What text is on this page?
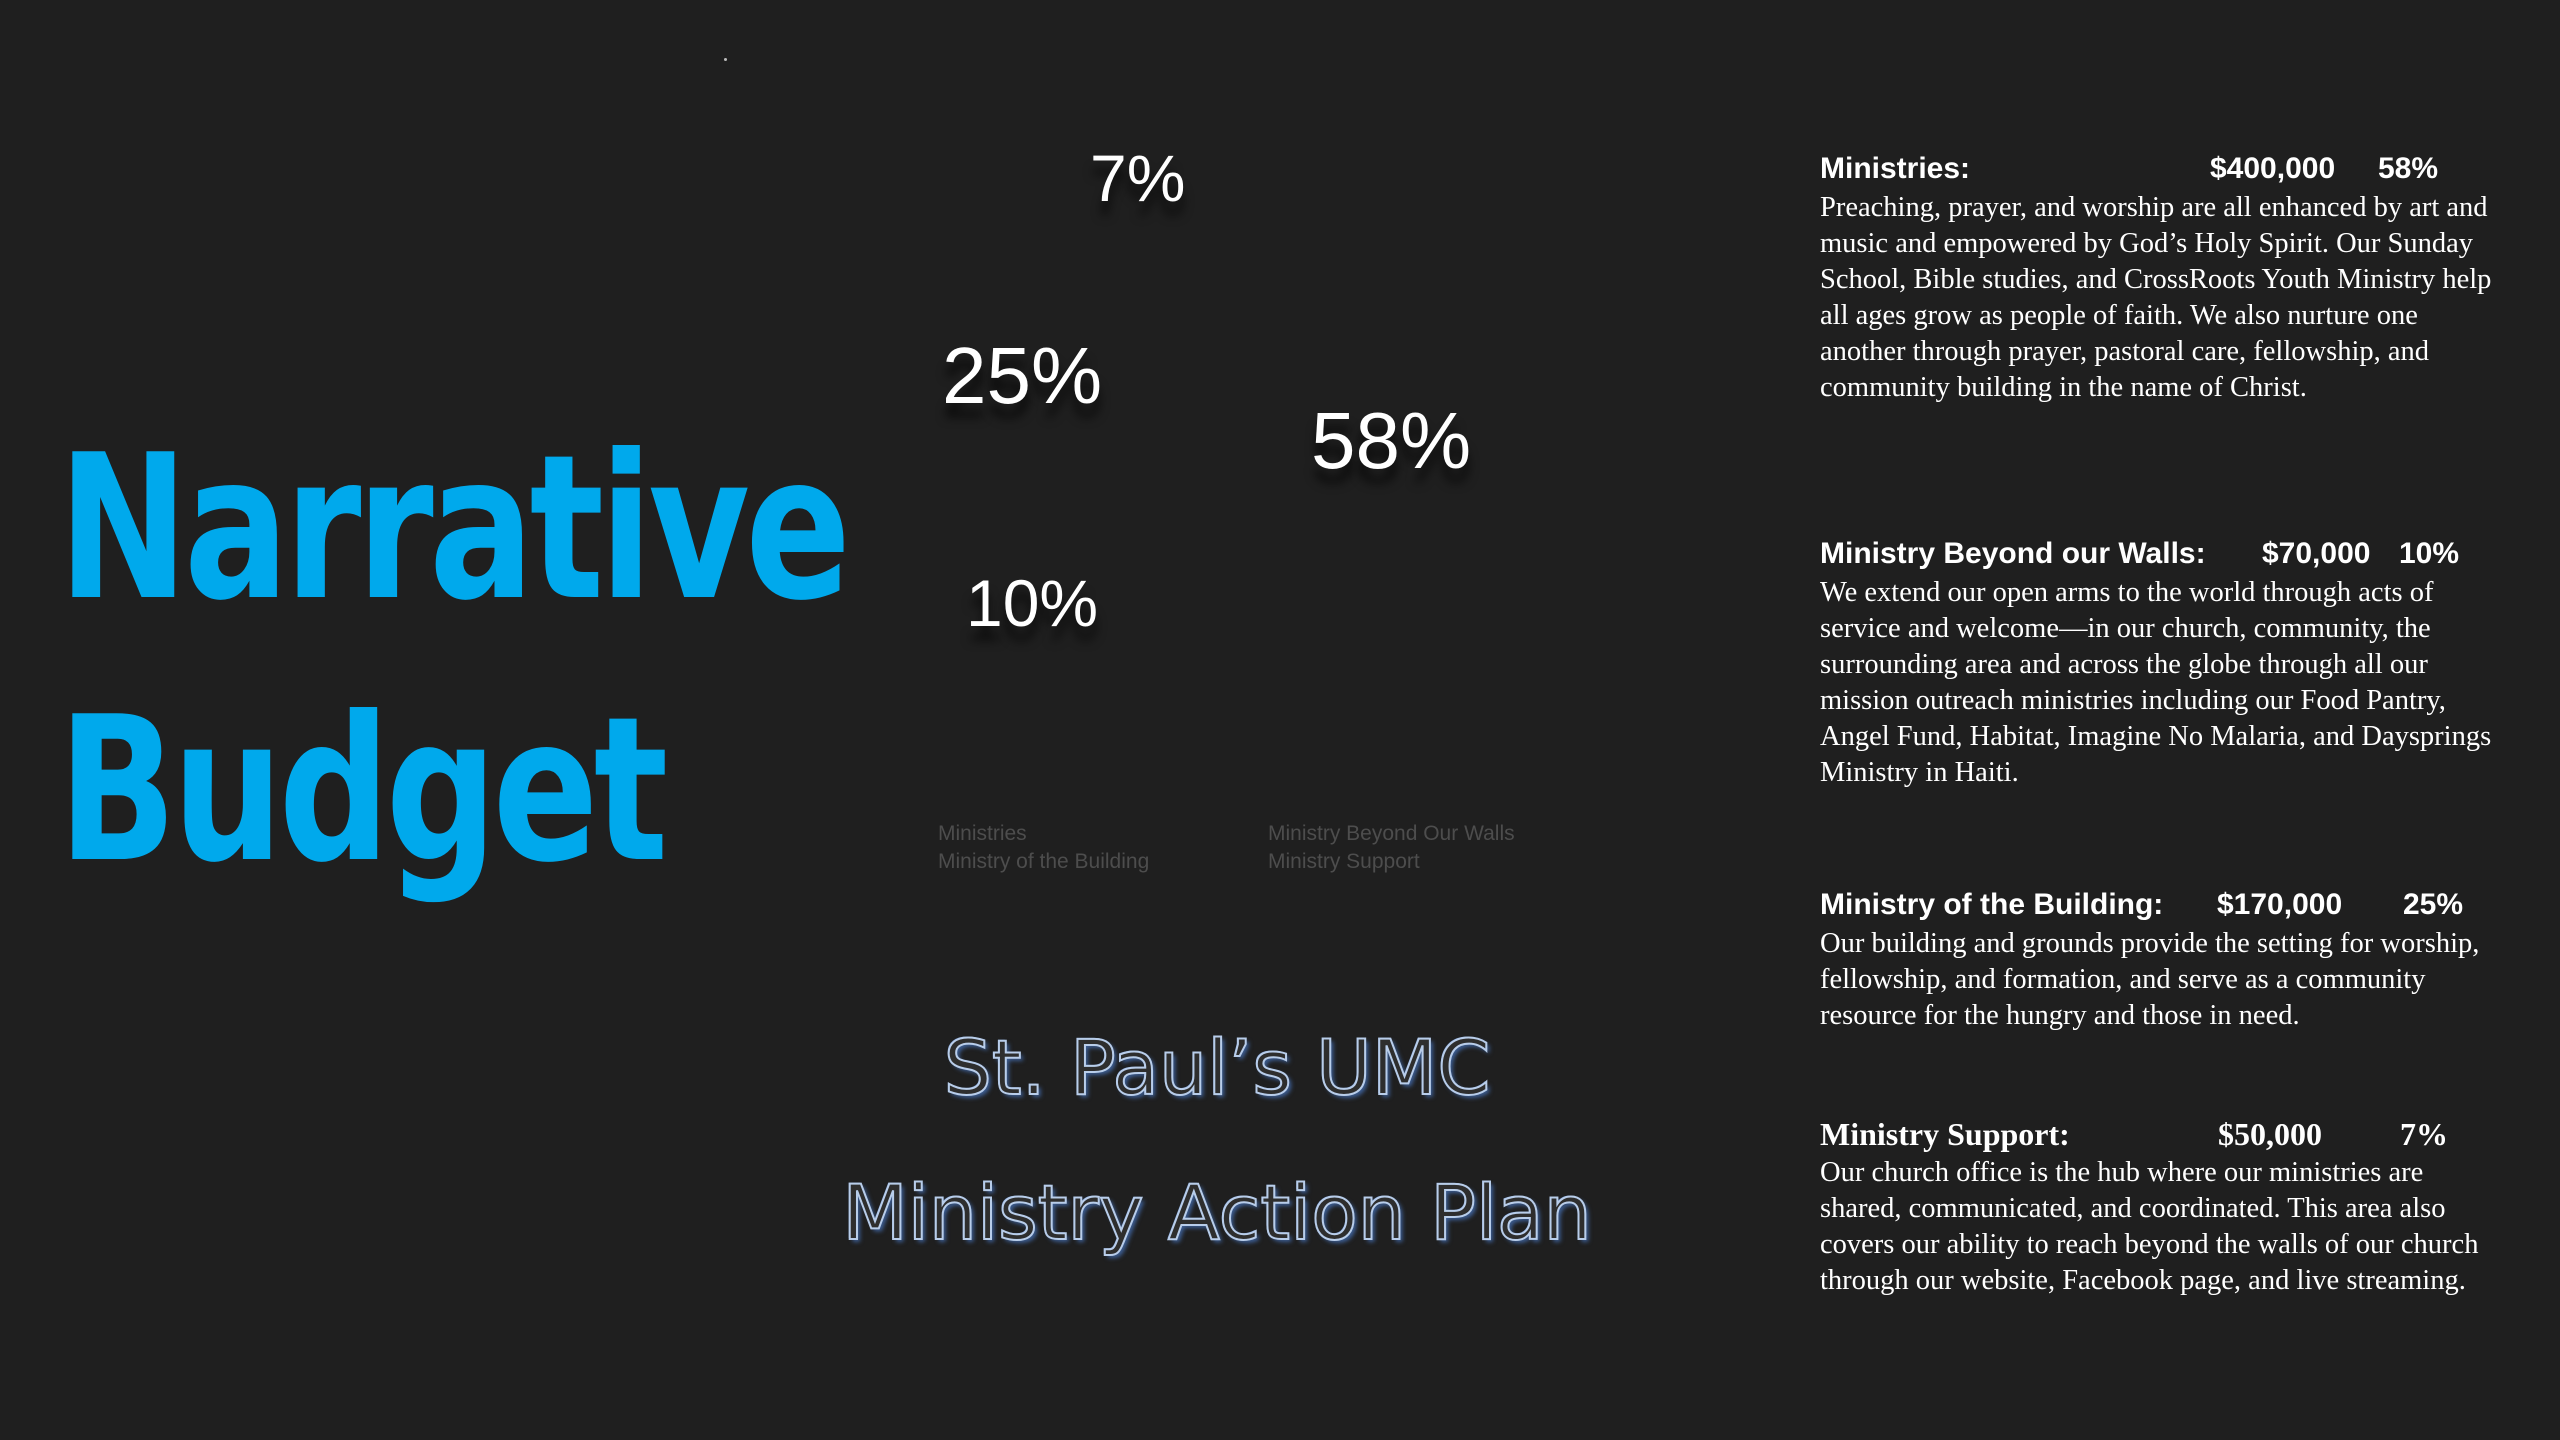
Narrative
Budget
7%
25%
58%
10%
Ministries	Ministry Beyond Our Walls
Ministry of the Building	Ministry Support
St. Paul’s UMC
Ministry Action Plan
Ministries:	$400,000 58%
Preaching, prayer, and worship are all enhanced by art and music and empowered by God’s Holy Spirit. Our Sunday School, Bible studies, and CrossRoots Youth Ministry help all ages grow as people of faith. We also nurture one another through prayer, pastoral care, fellowship, and community building in the name of Christ.
Ministry Beyond our Walls: $70,000 10%
We extend our open arms to the world through acts of service and welcome—in our church, community, the surrounding area and across the globe through all our mission outreach ministries including our Food Pantry, Angel Fund, Habitat, Imagine No Malaria, and Daysprings Ministry in Haiti.
Ministry of the Building: $170,000 25%
Our building and grounds provide the setting for worship, fellowship, and formation, and serve as a community resource for the hungry and those in need.
Ministry Support:	$50,000 7%
Our church office is the hub where our ministries are shared, communicated, and coordinated. This area also covers our ability to reach beyond the walls of our church through our website, Facebook page, and live streaming.
